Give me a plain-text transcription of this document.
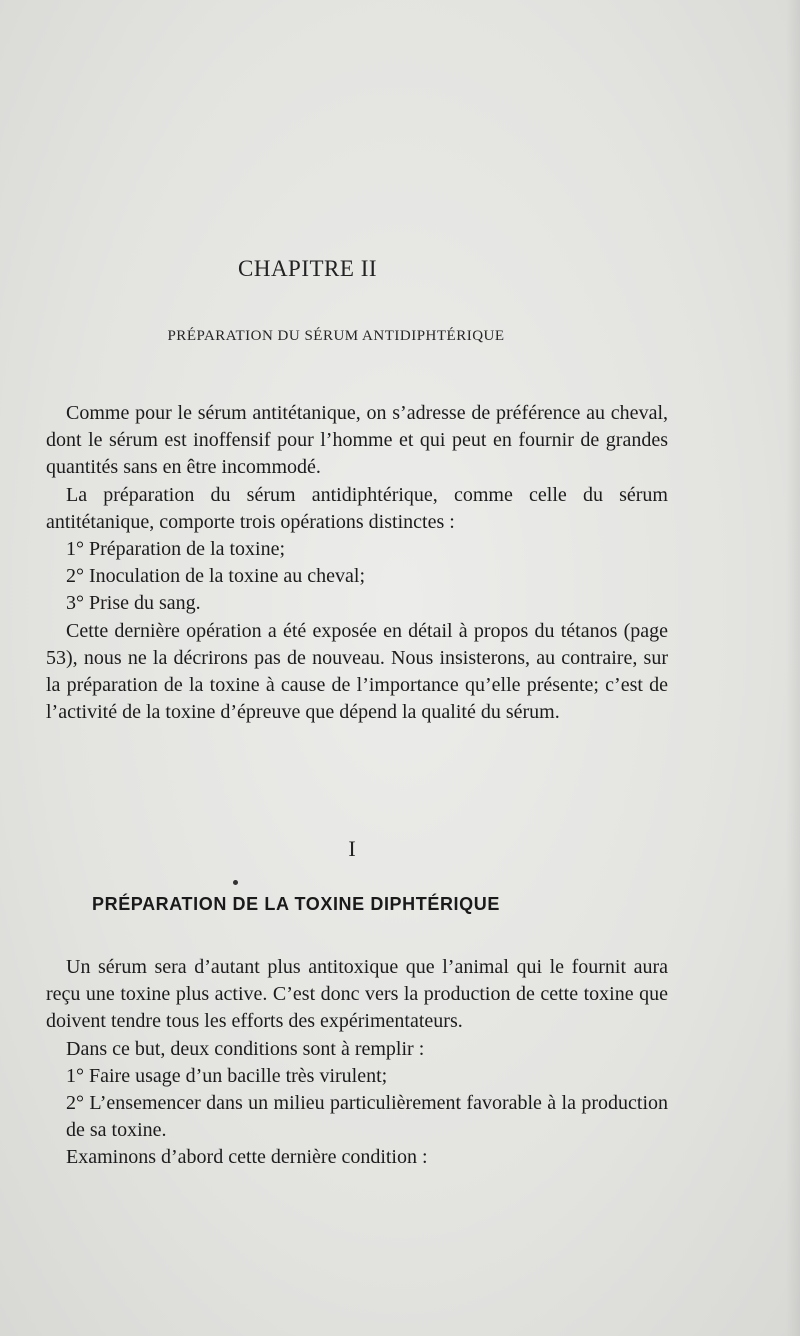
CHAPITRE II
PRÉPARATION DU SÉRUM ANTIDIPHTÉRIQUE

Comme pour le sérum antitétanique, on s’adresse de préférence au cheval, dont le sérum est inoffensif pour l’homme et qui peut en fournir de grandes quantités sans en être incommodé.

La préparation du sérum antidiphtérique, comme celle du sérum antitétanique, comporte trois opérations distinctes :

1° Préparation de la toxine;

2° Inoculation de la toxine au cheval;

3° Prise du sang.

Cette dernière opération a été exposée en détail à propos du tétanos (page 53), nous ne la décrirons pas de nouveau. Nous insisterons, au contraire, sur la préparation de la toxine à cause de l’importance qu’elle présente; c’est de l’activité de la toxine d’épreuve que dépend la qualité du sérum.

I
PRÉPARATION DE LA TOXINE DIPHTÉRIQUE

Un sérum sera d’autant plus antitoxique que l’animal qui le fournit aura reçu une toxine plus active. C’est donc vers la production de cette toxine que doivent tendre tous les efforts des expérimentateurs.

Dans ce but, deux conditions sont à remplir :

1° Faire usage d’un bacille très virulent;

2° L’ensemencer dans un milieu particulièrement favorable à la production de sa toxine.

Examinons d’abord cette dernière condition :
